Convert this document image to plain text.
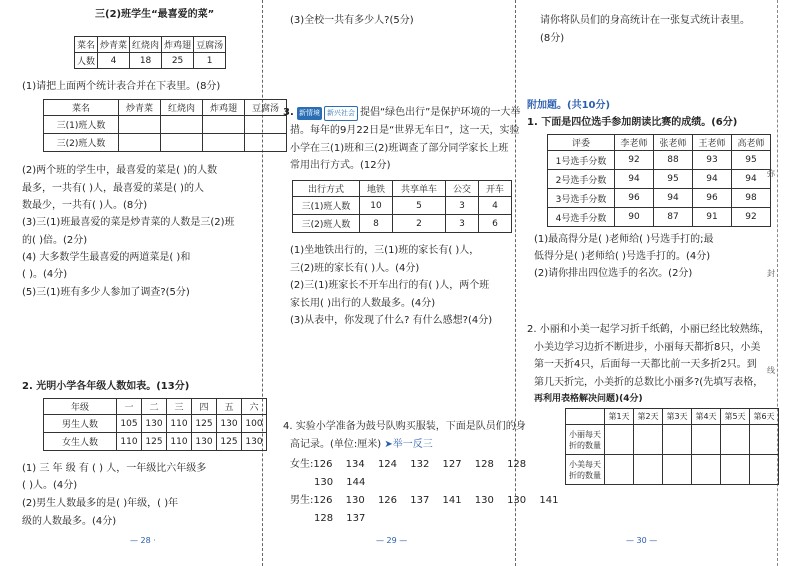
三(2)班学生“最喜爱的菜”
菜名	炒青菜	红烧肉	炸鸡翅	豆腐汤
人数	4	18	25	1
(1)请把上面两个统计表合并在下表里。(8分)
菜名	炒青菜	红烧肉	炸鸡翅	豆腐汤
三(1)班人数				
三(2)班人数				
(2)两个班的学生中，最喜爱的菜是( )的人数
最多，一共有( )人，最喜爱的菜是( )的人
数最少，一共有( )人。(8分)
(3)三(1)班最喜爱的菜是炒青菜的人数是三(2)班
的( )倍。(2分)
(4) 大多数学生最喜爱的两道菜是( )和
( )。(4分)
(5)三(1)班有多少人参加了调查?(5分)
2. 光明小学各年级人数如表。(13分)
年级	一	二	三	四	五	六
男生人数	105	130	110	125	130	100
女生人数	110	125	110	130	125	130
(1) 三 年 级 有 ( ) 人，一年级比六年级多
( )人。(4分)
(2)男生人数最多的是( )年级，( )年
级的人数最多。(4分)
— 28 ·
(3)全校一共有多少人?(5分)
3. 新情境 新兴社会 提倡“绿色出行”是保护环境的一大举
措。每年的9月22日是“世界无车日”，这一天，实验
小学在三(1)班和三(2)班调查了部分同学家长上班
常用出行方式。(12分)
出行方式	地铁	共享单车	公交	开车
三(1)班人数	10	5	3	4
三(2)班人数	8	2	3	6
(1)坐地铁出行的，三(1)班的家长有( )人，
三(2)班的家长有( )人。(4分)
(2)三(1)班家长不开车出行的有( )人，两个班
家长用( )出行的人数最多。(4分)
(3)从表中，你发现了什么? 有什么感想?(4分)
4. 实验小学准备为鼓号队购买服装，下面是队员们的身
高记录。(单位:厘米) ➤举一反三
女生:126 134 124 132 127 128 128
130 144
男生:126 130 126 137 141 130 130 141
128 137
— 29 —
请你将队员们的身高统计在一张复式统计表里。
(8分)
附加题。(共10分)
1. 下面是四位选手参加朗读比赛的成绩。(6分)
评委	李老师	张老师	王老师	高老师
1号选手分数	92	88	93	95
2号选手分数	94	95	94	94
3号选手分数	96	94	96	98
4号选手分数	90	87	91	92
(1)最高得分是( )老师给( )号选手打的;最
低得分是( )老师给( )号选手打的。(4分)
(2)请你排出四位选手的名次。(2分)
2. 小丽和小美一起学习折千纸鹤，小丽已经比较熟练，
小美边学习边折不断进步，小丽每天都折8只，小美
第一天折4只，后面每一天都比前一天多折2只。到
第几天折完，小美折的总数比小丽多?(先填写表格，
再利用表格解决问题)(4分)
	第1天	第2天	第3天	第4天	第5天	第6天
小丽每天折的数量						
小美每天折的数量						
— 30 —
弥
封
线
